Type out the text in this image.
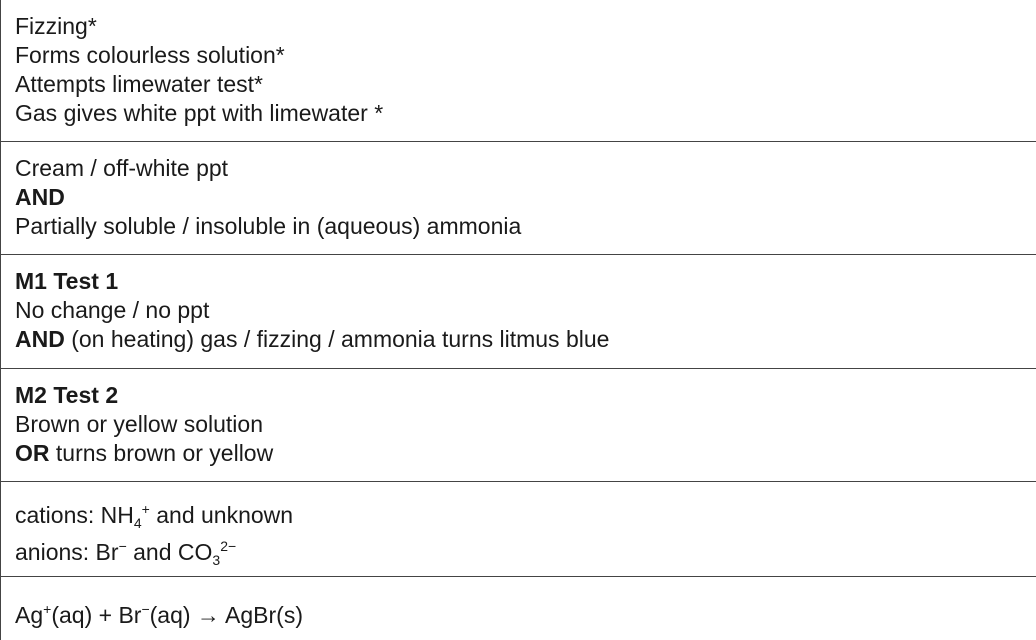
Fizzing*
Forms colourless solution*
Attempts limewater test*
Gas gives white ppt with limewater *
Cream / off-white ppt
AND
Partially soluble / insoluble in (aqueous) ammonia
M1 Test 1
No change / no ppt
AND (on heating) gas / fizzing / ammonia turns litmus blue
M2 Test 2
Brown or yellow solution
OR turns brown or yellow
cations: $NH_4^+$ and unknown
anions: Br− and $CO_3^{2-}$
Ag+(aq) + Br−(aq) → AgBr(s)
